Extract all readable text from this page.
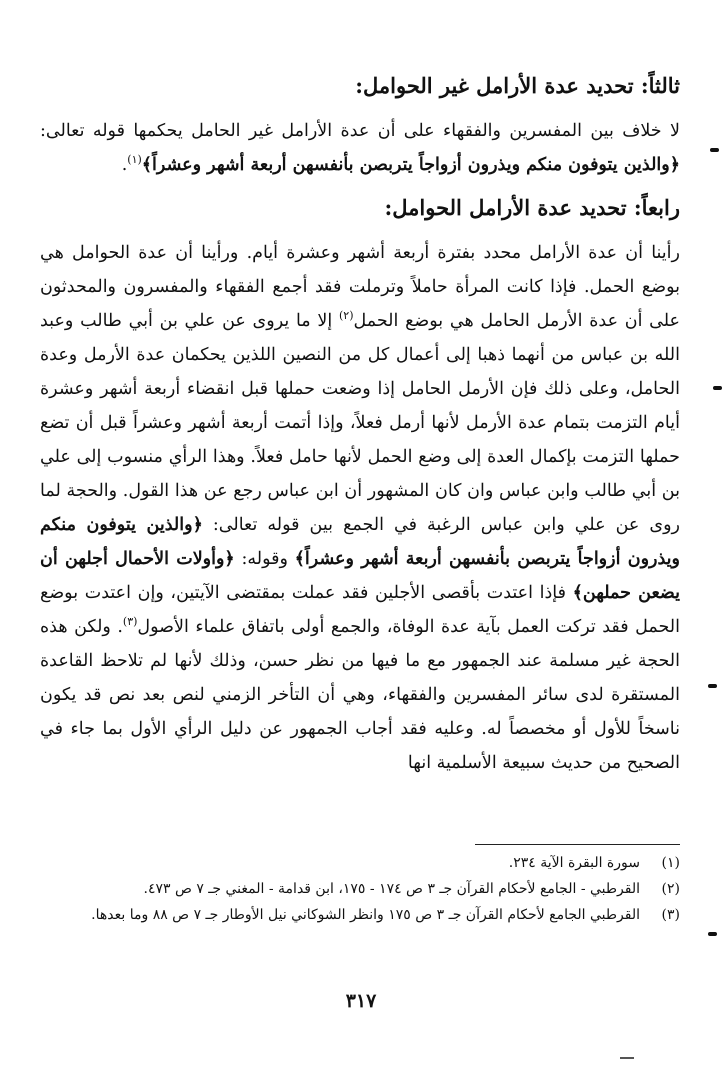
ثالثاً: تحديد عدة الأرامل غير الحوامل:

لا خلاف بين المفسرين والفقهاء على أن عدة الأرامل غير الحامل يحكمها قوله تعالى: ﴿والذين يتوفون منكم ويذرون أزواجاً يتربصن بأنفسهن أربعة أشهر وعشراً﴾$^{(١)}$.

رابعاً: تحديد عدة الأرامل الحوامل:

رأينا أن عدة الأرامل محدد بفترة أربعة أشهر وعشرة أيام. ورأينا أن عدة الحوامل هي بوضع الحمل. فإذا كانت المرأة حاملاً وترملت فقد أجمع الفقهاء والمفسرون والمحدثون على أن عدة الأرمل الحامل هي بوضع الحمل$^{(٢)}$ إلا ما يروى عن علي بن أبي طالب وعبد الله بن عباس من أنهما ذهبا إلى أعمال كل من النصين اللذين يحكمان عدة الأرمل وعدة الحامل، وعلى ذلك فإن الأرمل الحامل إذا وضعت حملها قبل انقضاء أربعة أشهر وعشرة أيام التزمت بتمام عدة الأرمل لأنها أرمل فعلاً، وإذا أتمت أربعة أشهر وعشراً قبل أن تضع حملها التزمت بإكمال العدة إلى وضع الحمل لأنها حامل فعلاً. وهذا الرأي منسوب إلى علي بن أبي طالب وابن عباس وان كان المشهور أن ابن عباس رجع عن هذا القول. والحجة لما روى عن علي وابن عباس الرغبة في الجمع بين قوله تعالى: ﴿والذين يتوفون منكم ويذرون أزواجاً يتربصن بأنفسهن أربعة أشهر وعشراً﴾ وقوله: ﴿وأولات الأحمال أجلهن أن يضعن حملهن﴾ فإذا اعتدت بأقصى الأجلين فقد عملت بمقتضى الآيتين، وإن اعتدت بوضع الحمل فقد تركت العمل بآية عدة الوفاة، والجمع أولى باتفاق علماء الأصول$^{(٣)}$. ولكن هذه الحجة غير مسلمة عند الجمهور مع ما فيها من نظر حسن، وذلك لأنها لم تلاحظ القاعدة المستقرة لدى سائر المفسرين والفقهاء، وهي أن التأخر الزمني لنص بعد نص قد يكون ناسخاً للأول أو مخصصاً له. وعليه فقد أجاب الجمهور عن دليل الرأي الأول بما جاء في الصحيح من حديث سبيعة الأسلمية انها

(١)
سورة البقرة الآية ٢٣٤.
(٢)
القرطبي - الجامع لأحكام القرآن جـ ٣ ص ١٧٤ - ١٧٥، ابن قدامة - المغني جـ ٧ ص ٤٧٣.
(٣)
القرطبي الجامع لأحكام القرآن جـ ٣ ص ١٧٥ وانظر الشوكاني نيل الأوطار جـ ٧ ص ٨٨ وما بعدها.
٣١٧
